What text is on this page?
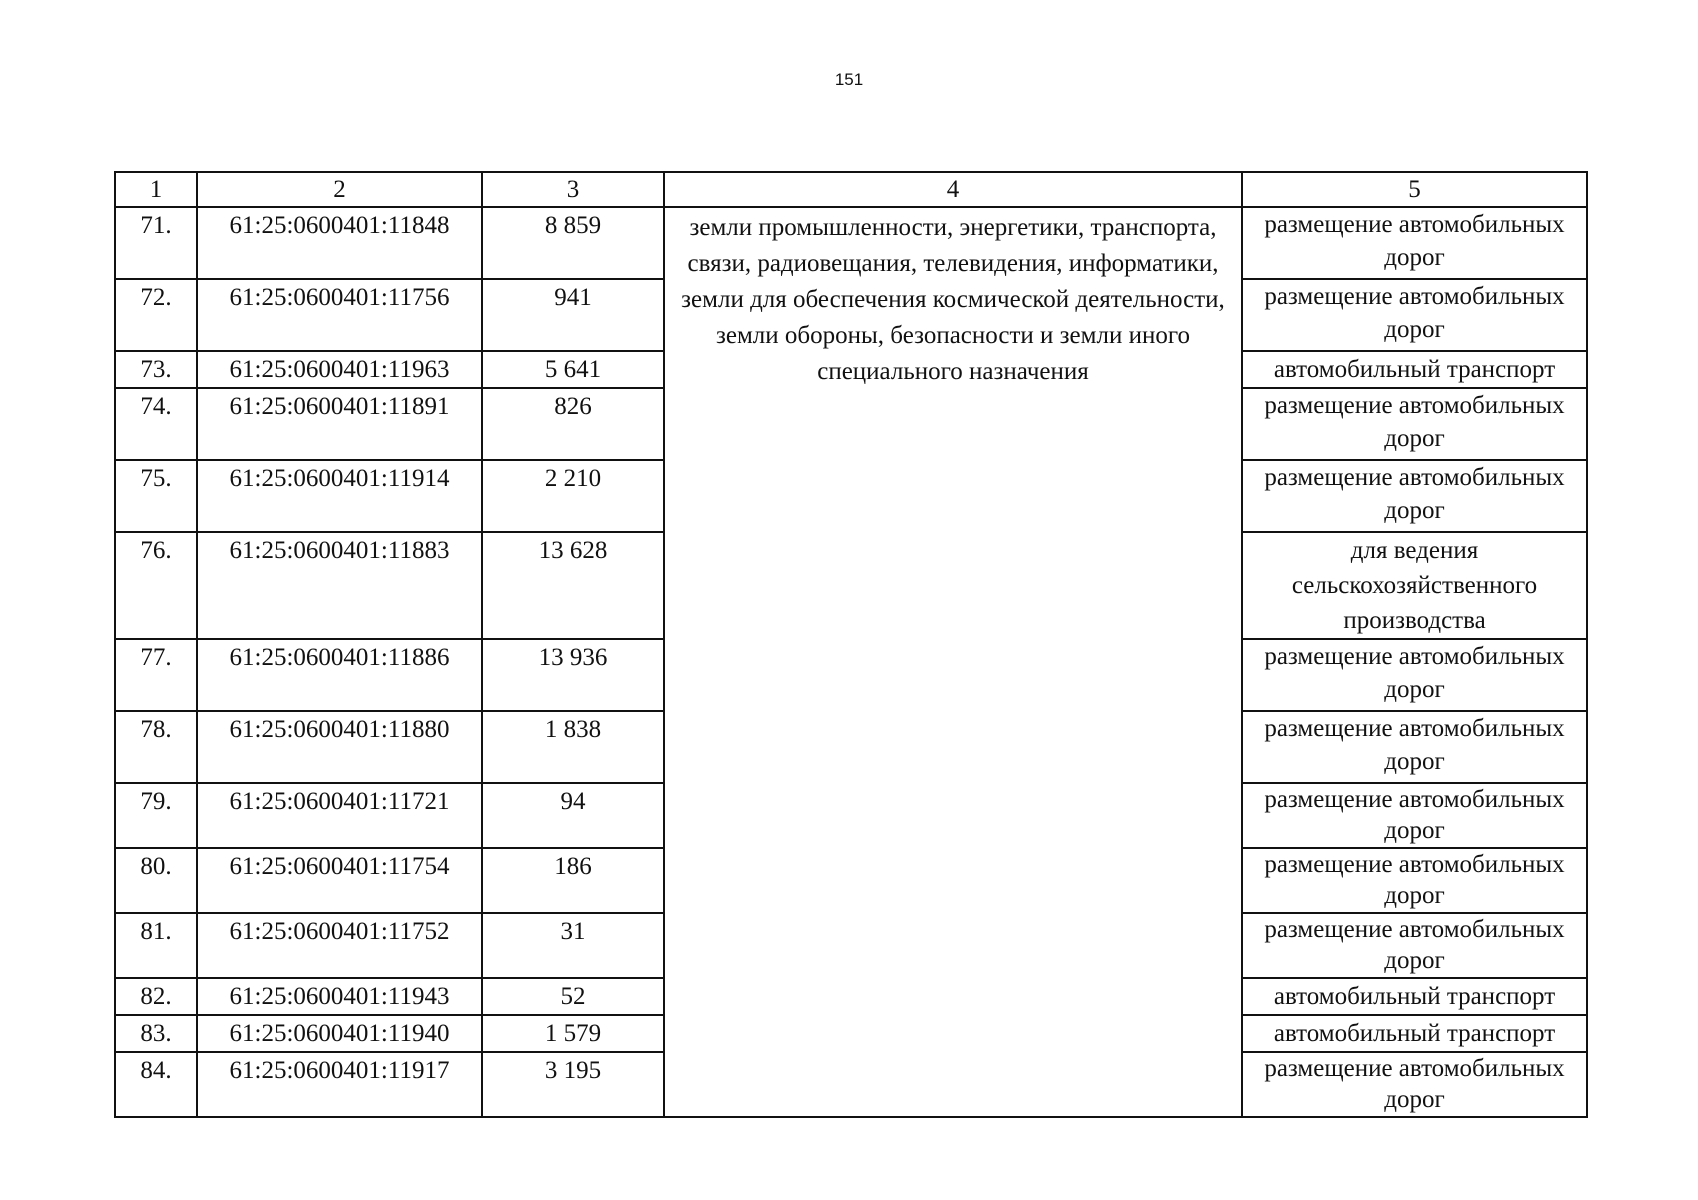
151
1	2	3	4	5
71.	61:25:0600401:11848	8 859	земли промышленности, энергетики, транспорта, связи, радиовещания, телевидения, информатики, земли для обеспечения космической деятельности, земли обороны, безопасности и земли иного специального назначения	размещение автомобильных дорог
72.	61:25:0600401:11756	941		размещение автомобильных дорог
73.	61:25:0600401:11963	5 641		автомобильный транспорт
74.	61:25:0600401:11891	826		размещение автомобильных дорог
75.	61:25:0600401:11914	2 210		размещение автомобильных дорог
76.	61:25:0600401:11883	13 628		для ведения сельскохозяйственного производства
77.	61:25:0600401:11886	13 936		размещение автомобильных дорог
78.	61:25:0600401:11880	1 838		размещение автомобильных дорог
79.	61:25:0600401:11721	94		размещение автомобильных дорог
80.	61:25:0600401:11754	186		размещение автомобильных дорог
81.	61:25:0600401:11752	31		размещение автомобильных дорог
82.	61:25:0600401:11943	52		автомобильный транспорт
83.	61:25:0600401:11940	1 579		автомобильный транспорт
84.	61:25:0600401:11917	3 195		размещение автомобильных дорог
